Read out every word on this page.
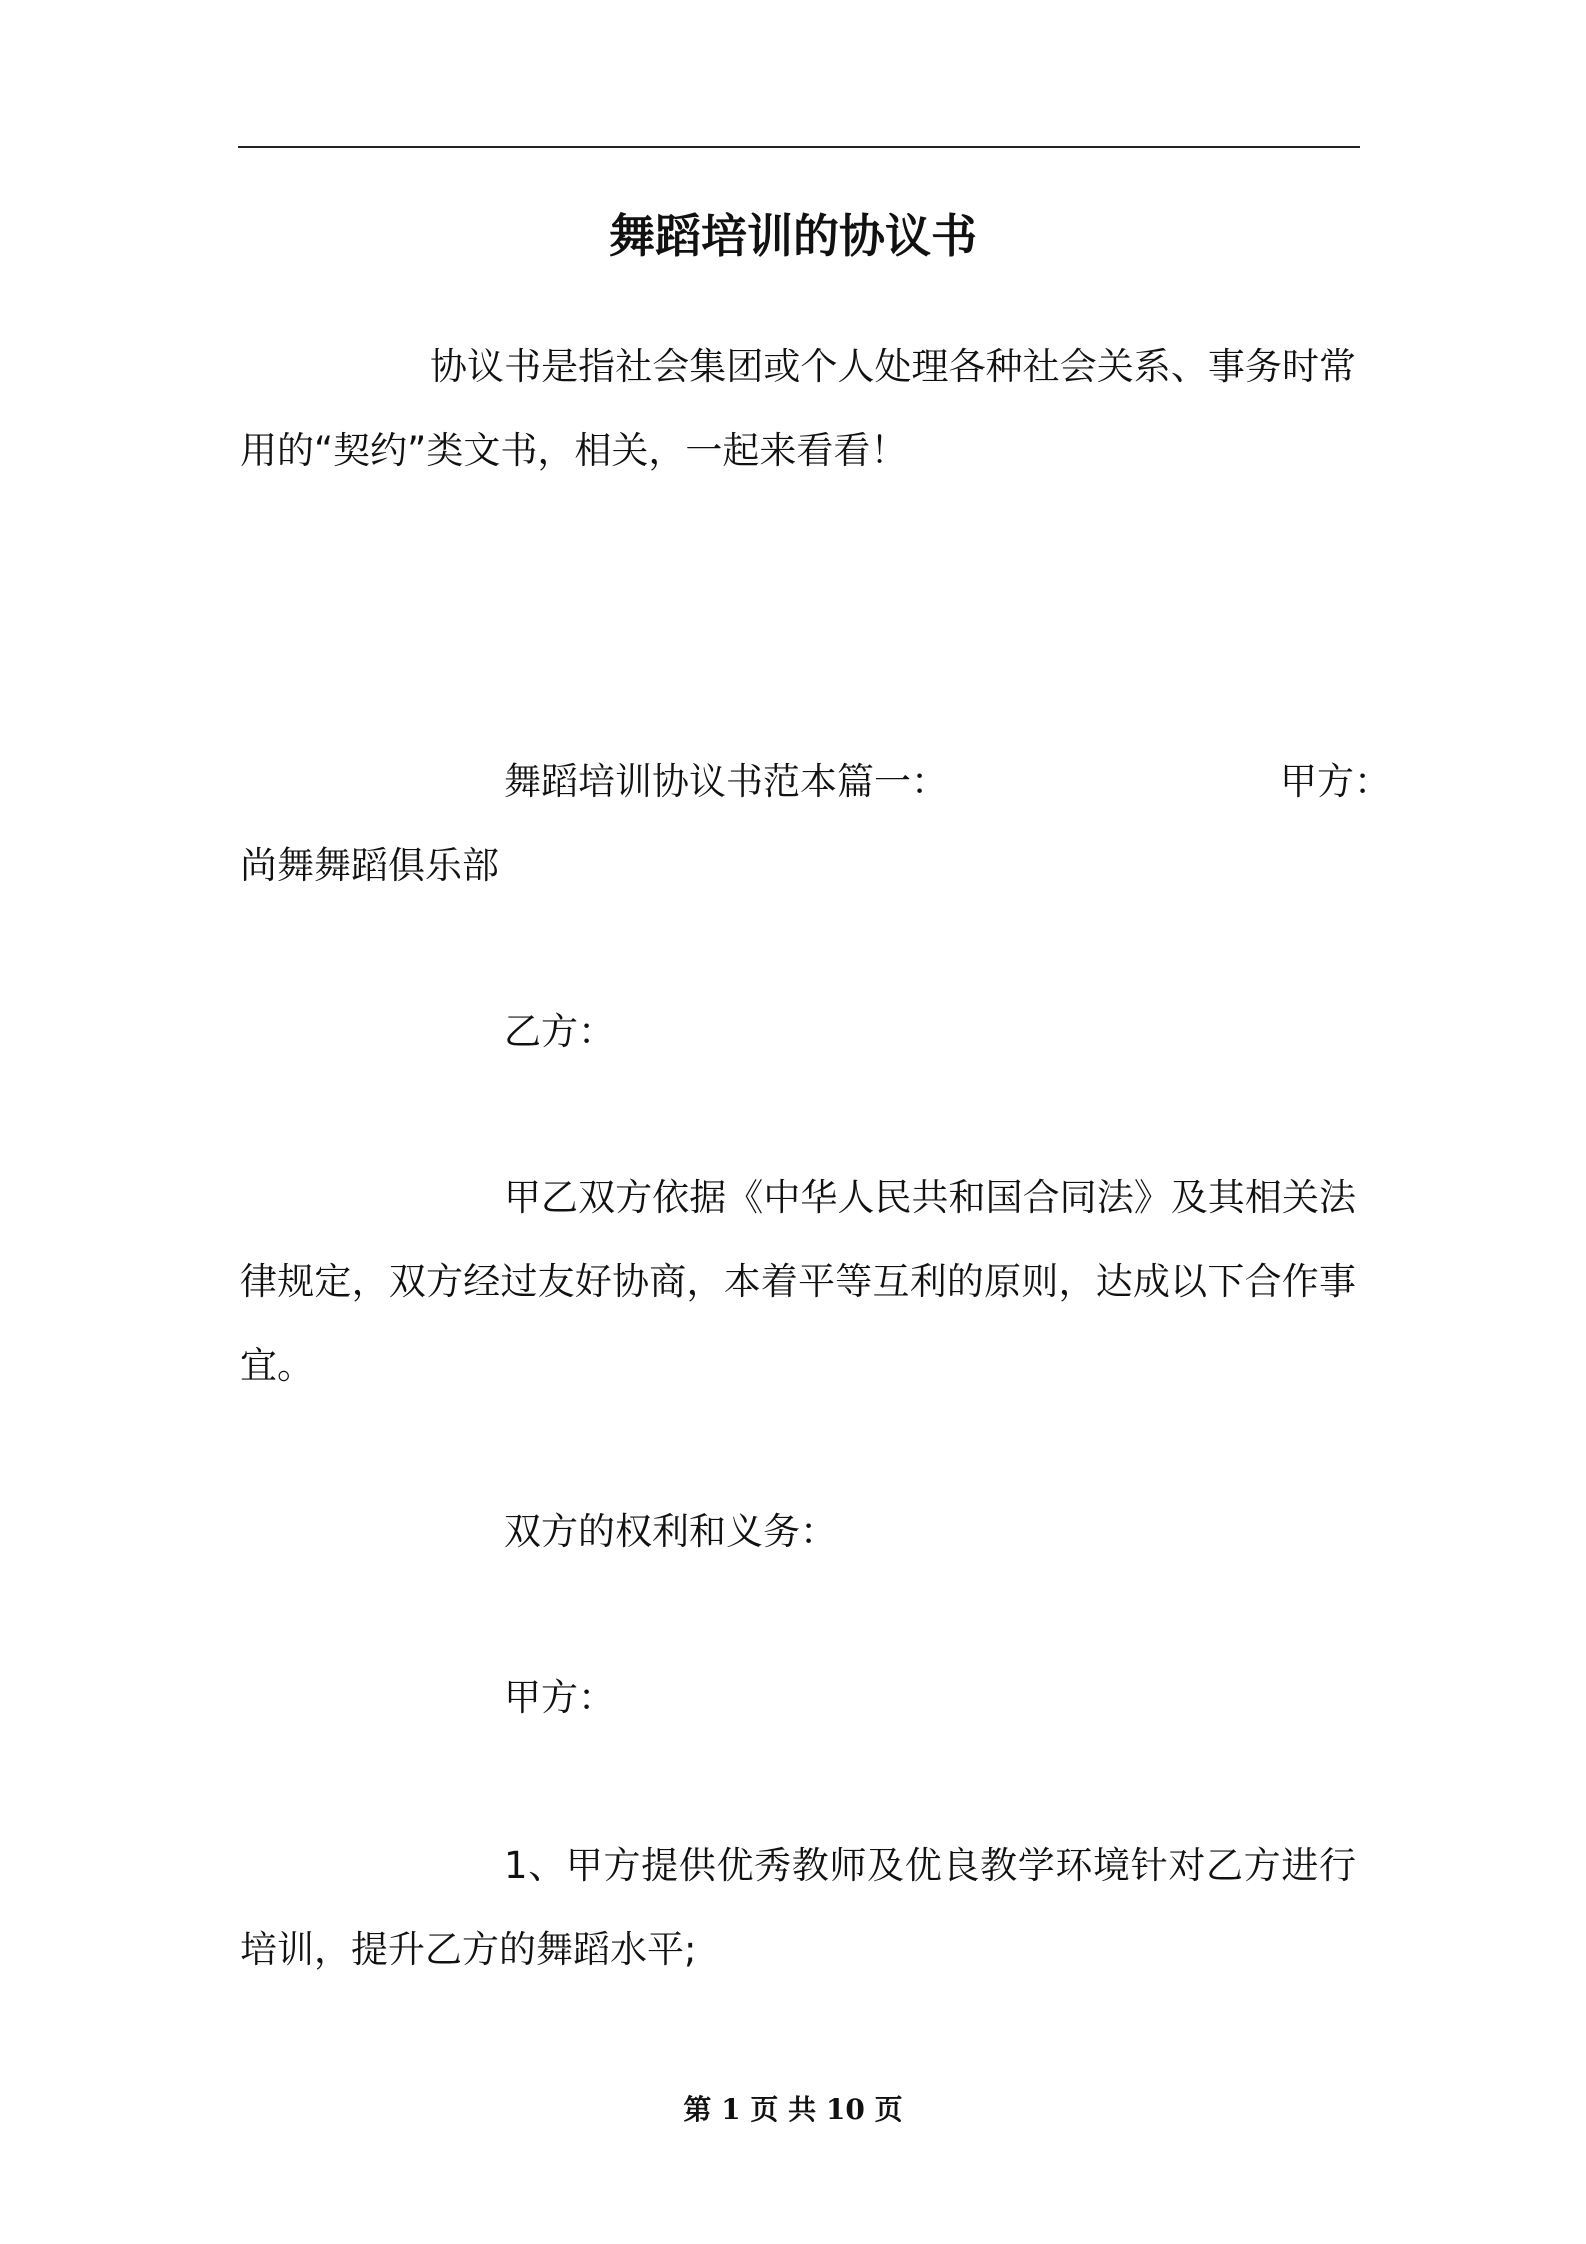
舞蹈培训的协议书
协议书是指社会集团或个人处理各种社会关系、事务时常用的“契约”类文书，相关，一起来看看！
舞蹈培训协议书范本篇一：	甲方：
尚舞舞蹈俱乐部
乙方：
甲乙双方依据《中华人民共和国合同法》及其相关法律规定，双方经过友好协商，本着平等互利的原则，达成以下合作事宜。
双方的权利和义务：
甲方：
1、甲方提供优秀教师及优良教学环境针对乙方进行培训，提升乙方的舞蹈水平;
第 1 页 共 10 页
